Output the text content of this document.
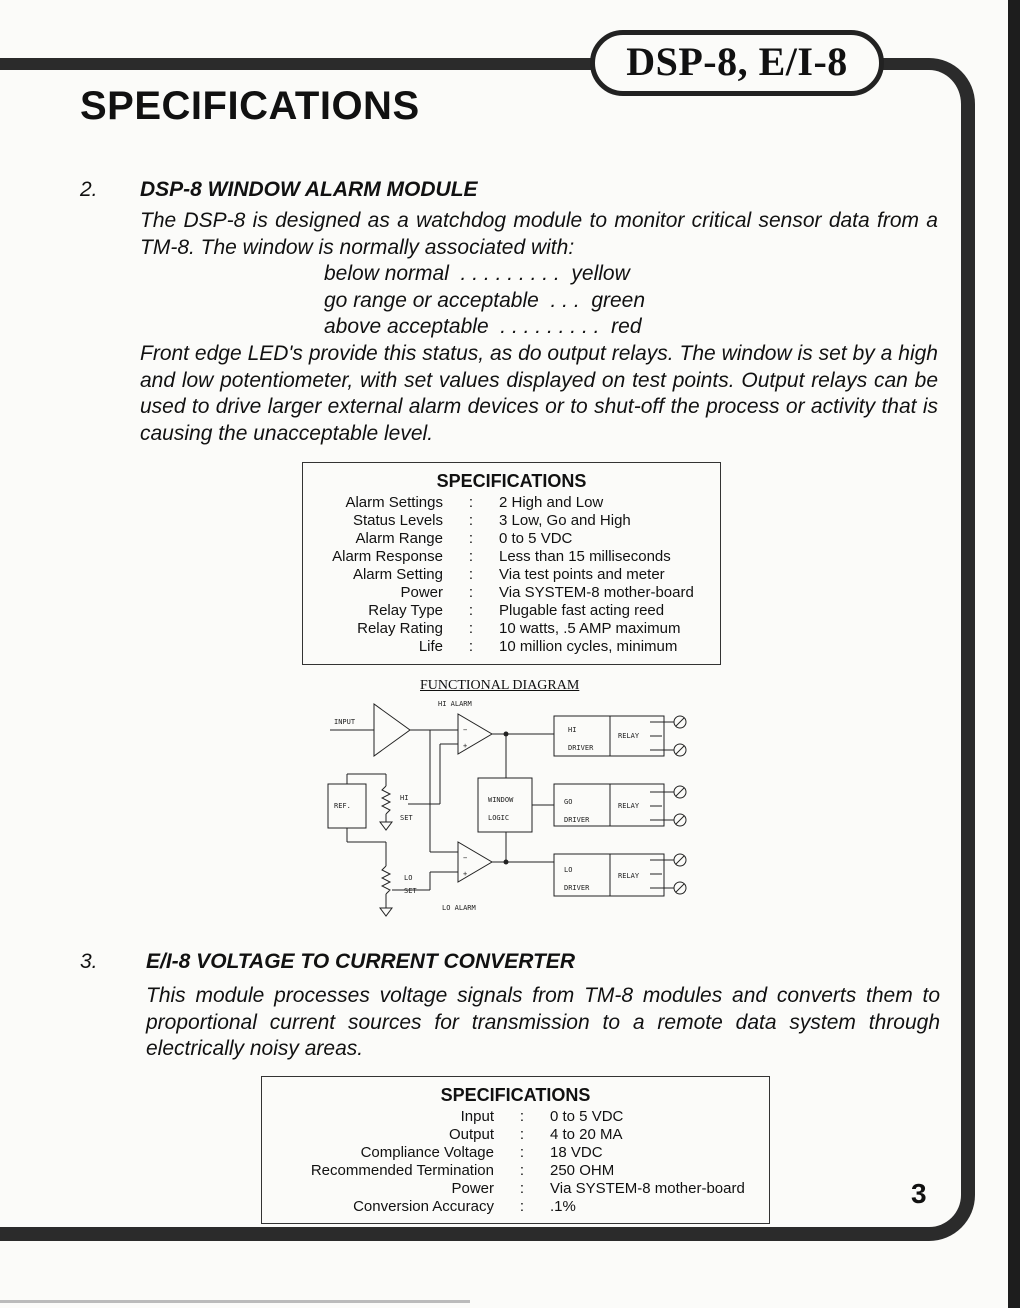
DSP-8, E/I-8
SPECIFICATIONS
2. DSP-8 WINDOW ALARM MODULE
The DSP-8 is designed as a watchdog module to monitor critical sensor data from a TM-8. The window is normally associated with:
below normal  . . . . . . . . .  yellow
go range or acceptable  . . .  green
above acceptable  . . . . . . . . .  red
Front edge LED's provide this status, as do output relays. The window is set by a high and low potentiometer, with set values displayed on test points. Output relays can be used to drive larger external alarm devices or to shut-off the process or activity that is causing the unacceptable level.
SPECIFICATIONS
Alarm Settings	:	2 High and Low
Status Levels	:	3 Low, Go and High
Alarm Range	:	0 to 5 VDC
Alarm Response	:	Less than 15 milliseconds
Alarm Setting	:	Via test points and meter
Power	:	Via SYSTEM-8 mother-board
Relay Type	:	Plugable fast acting reed
Relay Rating	:	10 watts, .5 AMP maximum
Life	:	10 million cycles, minimum
FUNCTIONAL DIAGRAM
INPUT
HI ALARM
LO ALARM
REF.
HI
SET
LO
SET
−
+
−
+
WINDOW
LOGIC
HI
DRIVER
RELAY
GO
DRIVER
RELAY
LO
DRIVER
RELAY
3. E/I-8 VOLTAGE TO CURRENT CONVERTER
This module processes voltage signals from TM-8 modules and converts them to proportional current sources for transmission to a remote data system through electrically noisy areas.
SPECIFICATIONS
Input	:	0 to 5 VDC
Output	:	4 to 20 MA
Compliance Voltage	:	18 VDC
Recommended Termination	:	250 OHM
Power	:	Via SYSTEM-8 mother-board
Conversion Accuracy	:	.1%	3
